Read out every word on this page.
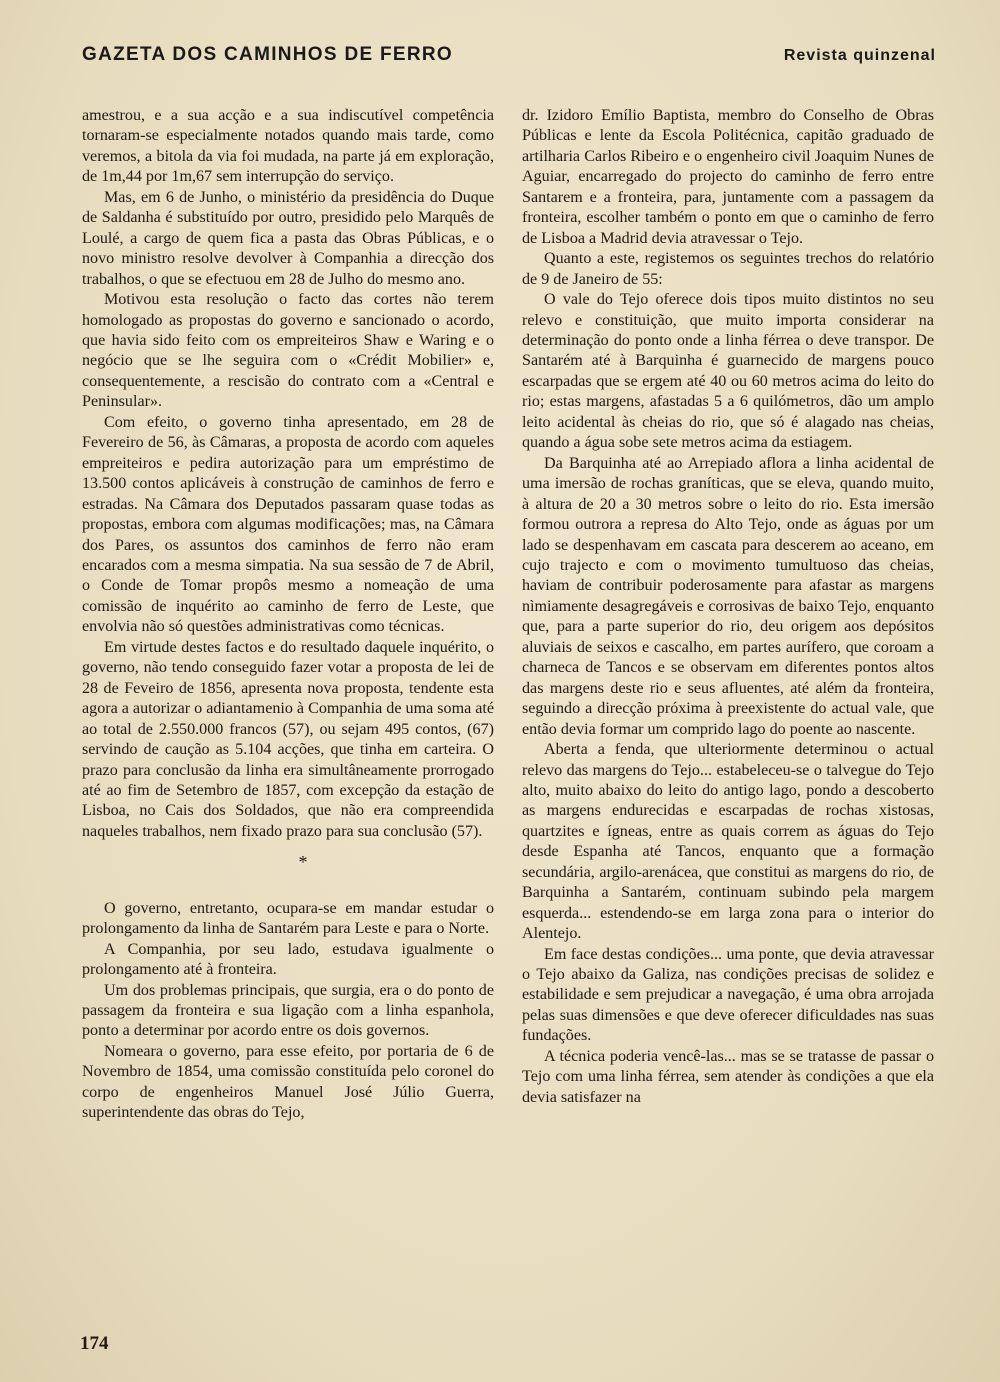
GAZETA DOS CAMINHOS DE FERRO	Revista quinzenal

amestrou, e a sua acção e a sua indiscutível competência tornaram-se especialmente notados quando mais tarde, como veremos, a bitola da via foi mudada, na parte já em exploração, de 1m,44 por 1m,67 sem interrupção do serviço.

Mas, em 6 de Junho, o ministério da presidência do Duque de Saldanha é substituído por outro, presidido pelo Marquês de Loulé, a cargo de quem fica a pasta das Obras Públicas, e o novo ministro resolve devolver à Companhia a direcção dos trabalhos, o que se efectuou em 28 de Julho do mesmo ano.

Motivou esta resolução o facto das cortes não terem homologado as propostas do governo e sancionado o acordo, que havia sido feito com os empreiteiros Shaw e Waring e o negócio que se lhe seguira com o «Crédit Mobilier» e, consequentemente, a rescisão do contrato com a «Central e Peninsular».

Com efeito, o governo tinha apresentado, em 28 de Fevereiro de 56, às Câmaras, a proposta de acordo com aqueles empreiteiros e pedira autorização para um empréstimo de 13.500 contos aplicáveis à construção de caminhos de ferro e estradas. Na Câmara dos Deputados passaram quase todas as propostas, embora com algumas modificações; mas, na Câmara dos Pares, os assuntos dos caminhos de ferro não eram encarados com a mesma simpatia. Na sua sessão de 7 de Abril, o Conde de Tomar propôs mesmo a nomeação de uma comissão de inquérito ao caminho de ferro de Leste, que envolvia não só questões administrativas como técnicas.

Em virtude destes factos e do resultado daquele inquérito, o governo, não tendo conseguido fazer votar a proposta de lei de 28 de Feveiro de 1856, apresenta nova proposta, tendente esta agora a autorizar o adiantamenio à Companhia de uma soma até ao total de 2.550.000 francos (57), ou sejam 495 contos, (67) servindo de caução as 5.104 acções, que tinha em carteira. O prazo para conclusão da linha era simultâneamente prorrogado até ao fim de Setembro de 1857, com excepção da estação de Lisboa, no Cais dos Soldados, que não era compreendida naqueles trabalhos, nem fixado prazo para sua conclusão (57).

*

O governo, entretanto, ocupara-se em mandar estudar o prolongamento da linha de Santarém para Leste e para o Norte.

A Companhia, por seu lado, estudava igualmente o prolongamento até à fronteira.

Um dos problemas principais, que surgia, era o do ponto de passagem da fronteira e sua ligação com a linha espanhola, ponto a determinar por acordo entre os dois governos.

Nomeara o governo, para esse efeito, por portaria de 6 de Novembro de 1854, uma comissão constituída pelo coronel do corpo de engenheiros Manuel José Júlio Guerra, superintendente das obras do Tejo,

dr. Izidoro Emílio Baptista, membro do Conselho de Obras Públicas e lente da Escola Politécnica, capitão graduado de artilharia Carlos Ribeiro e o engenheiro civil Joaquim Nunes de Aguiar, encarregado do projecto do caminho de ferro entre Santarem e a fronteira, para, juntamente com a passagem da fronteira, escolher também o ponto em que o caminho de ferro de Lisboa a Madrid devia atravessar o Tejo.

Quanto a este, registemos os seguintes trechos do relatório de 9 de Janeiro de 55:

O vale do Tejo oferece dois tipos muito distintos no seu relevo e constituição, que muito importa considerar na determinação do ponto onde a linha férrea o deve transpor. De Santarém até à Barquinha é guarnecido de margens pouco escarpadas que se ergem até 40 ou 60 metros acima do leito do rio; estas margens, afastadas 5 a 6 quilómetros, dão um amplo leito acidental às cheias do rio, que só é alagado nas cheias, quando a água sobe sete metros acima da estiagem.

Da Barquinha até ao Arrepiado aflora a linha acidental de uma imersão de rochas graníticas, que se eleva, quando muito, à altura de 20 a 30 metros sobre o leito do rio. Esta imersão formou outrora a represa do Alto Tejo, onde as águas por um lado se despenhavam em cascata para descerem ao aceano, em cujo trajecto e com o movimento tumultuoso das cheias, haviam de contribuir poderosamente para afastar as margens nìmiamente desagregáveis e corrosivas de baixo Tejo, enquanto que, para a parte superior do rio, deu origem aos depósitos aluviais de seixos e cascalho, em partes aurífero, que coroam a charneca de Tancos e se observam em diferentes pontos altos das margens deste rio e seus afluentes, até além da fronteira, seguindo a direcção próxima à preexistente do actual vale, que então devia formar um comprido lago do poente ao nascente.

Aberta a fenda, que ulteriormente determinou o actual relevo das margens do Tejo... estabeleceu-se o talvegue do Tejo alto, muito abaixo do leito do antigo lago, pondo a descoberto as margens endurecidas e escarpadas de rochas xistosas, quartzites e ígneas, entre as quais correm as águas do Tejo desde Espanha até Tancos, enquanto que a formação secundária, argilo-arenácea, que constitui as margens do rio, de Barquinha a Santarém, continuam subindo pela margem esquerda... estendendo-se em larga zona para o interior do Alentejo.

Em face destas condições... uma ponte, que devia atravessar o Tejo abaixo da Galiza, nas condições precisas de solidez e estabilidade e sem prejudicar a navegação, é uma obra arrojada pelas suas dimensões e que deve oferecer dificuldades nas suas fundações.

A técnica poderia vencê-las... mas se se tratasse de passar o Tejo com uma linha férrea, sem atender às condições a que ela devia satisfazer na

174
